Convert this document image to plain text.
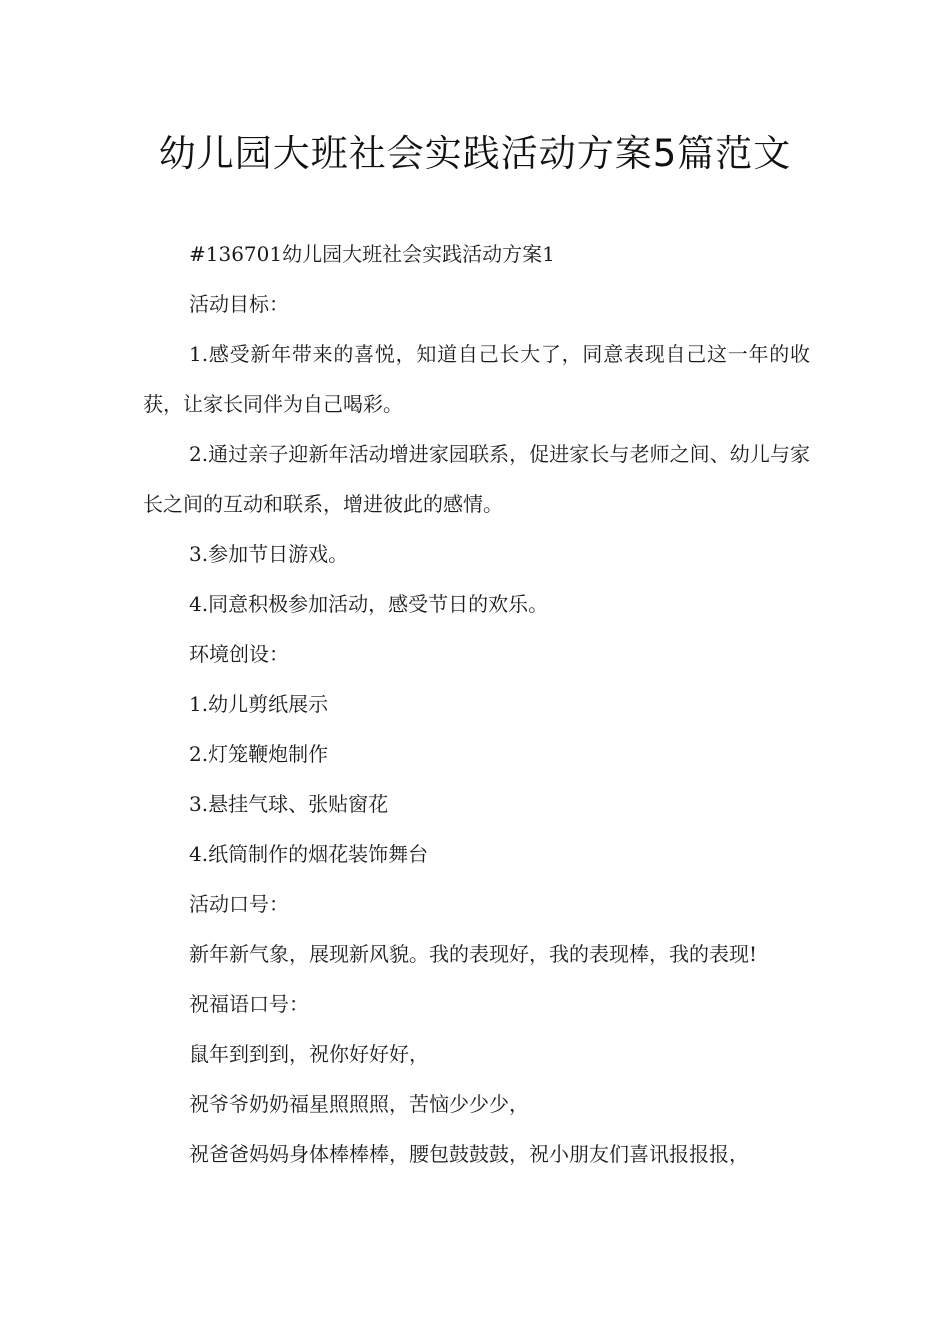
幼儿园大班社会实践活动方案5篇范文

#136701幼儿园大班社会实践活动方案1

活动目标：

1.感受新年带来的喜悦，知道自己长大了，同意表现自己这一年的收获，让家长同伴为自己喝彩。

2.通过亲子迎新年活动增进家园联系，促进家长与老师之间、幼儿与家长之间的互动和联系，增进彼此的感情。

3.参加节日游戏。

4.同意积极参加活动，感受节日的欢乐。

环境创设：

1.幼儿剪纸展示

2.灯笼鞭炮制作

3.悬挂气球、张贴窗花

4.纸筒制作的烟花装饰舞台

活动口号：

新年新气象，展现新风貌。我的表现好，我的表现棒，我的表现!

祝福语口号：

鼠年到到到，祝你好好好，

祝爷爷奶奶福星照照照，苦恼少少少，

祝爸爸妈妈身体棒棒棒，腰包鼓鼓鼓，祝小朋友们喜讯报报报，
